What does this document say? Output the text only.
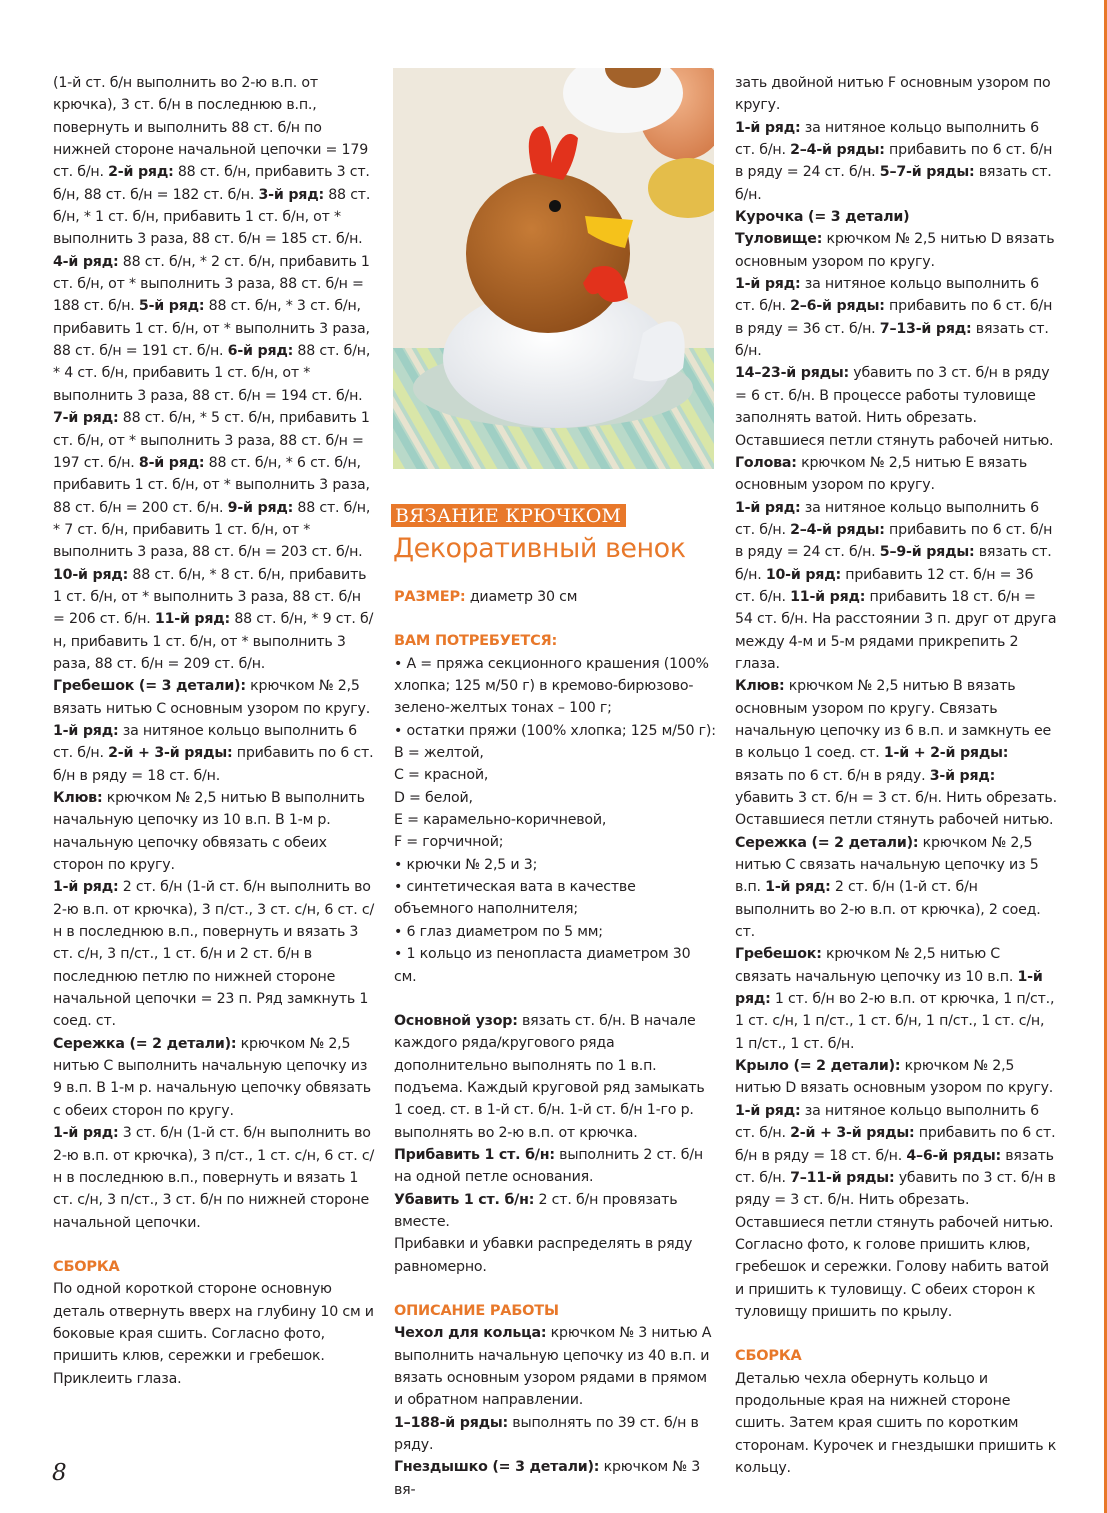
(1-й ст. б/н выполнить во 2-ю в.п. от крючка), 3 ст. б/н в последнюю в.п., повернуть и выполнить 88 ст. б/н по нижней стороне начальной цепочки = 179 ст. б/н. 2-й ряд: 88 ст. б/н, прибавить 3 ст. б/н, 88 ст. б/н = 182 ст. б/н. 3-й ряд: 88 ст. б/н, * 1 ст. б/н, прибавить 1 ст. б/н, от * выполнить 3 раза, 88 ст. б/н = 185 ст. б/н. 4-й ряд: 88 ст. б/н, * 2 ст. б/н, прибавить 1 ст. б/н, от * выполнить 3 раза, 88 ст. б/н = 188 ст. б/н. 5-й ряд: 88 ст. б/н, * 3 ст. б/н, прибавить 1 ст. б/н, от * выполнить 3 раза, 88 ст. б/н = 191 ст. б/н. 6-й ряд: 88 ст. б/н, * 4 ст. б/н, прибавить 1 ст. б/н, от * выполнить 3 раза, 88 ст. б/н = 194 ст. б/н. 7-й ряд: 88 ст. б/н, * 5 ст. б/н, прибавить 1 ст. б/н, от * выполнить 3 раза, 88 ст. б/н = 197 ст. б/н. 8-й ряд: 88 ст. б/н, * 6 ст. б/н, прибавить 1 ст. б/н, от * выполнить 3 раза, 88 ст. б/н = 200 ст. б/н. 9-й ряд: 88 ст. б/н, * 7 ст. б/н, прибавить 1 ст. б/н, от * выполнить 3 раза, 88 ст. б/н = 203 ст. б/н. 10-й ряд: 88 ст. б/н, * 8 ст. б/н, прибавить 1 ст. б/н, от * выполнить 3 раза, 88 ст. б/н = 206 ст. б/н. 11-й ряд: 88 ст. б/н, * 9 ст. б/н, прибавить 1 ст. б/н, от * выполнить 3 раза, 88 ст. б/н = 209 ст. б/н.

Гребешок (= 3 детали): крючком № 2,5 вязать нитью С основным узором по кругу. 1-й ряд: за нитяное кольцо выполнить 6 ст. б/н. 2-й + 3-й ряды: прибавить по 6 ст. б/н в ряду = 18 ст. б/н.

Клюв: крючком № 2,5 нитью В выполнить начальную цепочку из 10 в.п. В 1-м р. начальную цепочку обвязать с обеих сторон по кругу.

1-й ряд: 2 ст. б/н (1-й ст. б/н выполнить во 2-ю в.п. от крючка), 3 п/ст., 3 ст. с/н, 6 ст. с/н в последнюю в.п., повернуть и вязать 3 ст. с/н, 3 п/ст., 1 ст. б/н и 2 ст. б/н в последнюю петлю по нижней стороне начальной цепочки = 23 п. Ряд замкнуть 1 соед. ст.

Сережка (= 2 детали): крючком № 2,5 нитью С выполнить начальную цепочку из 9 в.п. В 1-м р. начальную цепочку обвязать с обеих сторон по кругу.

1-й ряд: 3 ст. б/н (1-й ст. б/н выполнить во 2-ю в.п. от крючка), 3 п/ст., 1 ст. с/н, 6 ст. с/н в последнюю в.п., повернуть и вязать 1 ст. с/н, 3 п/ст., 3 ст. б/н по нижней стороне начальной цепочки.

СБОРКА

По одной короткой стороне основную деталь отвернуть вверх на глубину 10 см и боковые края сшить. Согласно фото, пришить клюв, сережки и гребешок. Приклеить глаза.

ВЯЗАНИЕ КРЮЧКОМ
Декоративный венок

РАЗМЕР: диаметр 30 см

ВАМ ПОТРЕБУЕТСЯ:

• А = пряжа секционного крашения (100% хлопка; 125 м/50 г) в кремово-бирюзово-зелено-желтых тонах – 100 г;

• остатки пряжи (100% хлопка; 125 м/50 г):

B = желтой,

C = красной,

D = белой,

E = карамельно-коричневой,

F = горчичной;

• крючки № 2,5 и 3;

• синтетическая вата в качестве объемного наполнителя;

• 6 глаз диаметром по 5 мм;

• 1 кольцо из пенопласта диаметром 30 см.

Основной узор: вязать ст. б/н. В начале каждого ряда/кругового ряда дополнительно выполнять по 1 в.п. подъема. Каждый круговой ряд замыкать 1 соед. ст. в 1-й ст. б/н. 1-й ст. б/н 1-го р. выполнять во 2-ю в.п. от крючка.

Прибавить 1 ст. б/н: выполнить 2 ст. б/н на одной петле основания.

Убавить 1 ст. б/н: 2 ст. б/н провязать вместе.

Прибавки и убавки распределять в ряду равномерно.

ОПИСАНИЕ РАБОТЫ

Чехол для кольца: крючком № 3 нитью А выполнить начальную цепочку из 40 в.п. и вязать основным узором рядами в прямом и обратном направлении.

1–188-й ряды: выполнять по 39 ст. б/н в ряду.

Гнездышко (= 3 детали): крючком № 3 вя-

зать двойной нитью F основным узором по кругу.

1-й ряд: за нитяное кольцо выполнить 6 ст. б/н. 2–4-й ряды: прибавить по 6 ст. б/н в ряду = 24 ст. б/н. 5–7-й ряды: вязать ст. б/н.

Курочка (= 3 детали)

Туловище: крючком № 2,5 нитью D вязать основным узором по кругу.

1-й ряд: за нитяное кольцо выполнить 6 ст. б/н. 2–6-й ряды: прибавить по 6 ст. б/н в ряду = 36 ст. б/н. 7–13-й ряд: вязать ст. б/н.

14–23-й ряды: убавить по 3 ст. б/н в ряду = 6 ст. б/н. В процессе работы туловище заполнять ватой. Нить обрезать. Оставшиеся петли стянуть рабочей нитью.

Голова: крючком № 2,5 нитью Е вязать основным узором по кругу.

1-й ряд: за нитяное кольцо выполнить 6 ст. б/н. 2–4-й ряды: прибавить по 6 ст. б/н в ряду = 24 ст. б/н. 5–9-й ряды: вязать ст. б/н. 10-й ряд: прибавить 12 ст. б/н = 36 ст. б/н. 11-й ряд: прибавить 18 ст. б/н = 54 ст. б/н. На расстоянии 3 п. друг от друга между 4-м и 5-м рядами прикрепить 2 глаза.

Клюв: крючком № 2,5 нитью В вязать основным узором по кругу. Связать начальную цепочку из 6 в.п. и замкнуть ее в кольцо 1 соед. ст. 1-й + 2-й ряды: вязать по 6 ст. б/н в ряду. 3-й ряд: убавить 3 ст. б/н = 3 ст. б/н. Нить обрезать. Оставшиеся петли стянуть рабочей нитью.

Сережка (= 2 детали): крючком № 2,5 нитью С связать начальную цепочку из 5 в.п. 1-й ряд: 2 ст. б/н (1-й ст. б/н выполнить во 2-ю в.п. от крючка), 2 соед. ст.

Гребешок: крючком № 2,5 нитью С связать начальную цепочку из 10 в.п. 1-й ряд: 1 ст. б/н во 2-ю в.п. от крючка, 1 п/ст., 1 ст. с/н, 1 п/ст., 1 ст. б/н, 1 п/ст., 1 ст. с/н, 1 п/ст., 1 ст. б/н.

Крыло (= 2 детали): крючком № 2,5 нитью D вязать основным узором по кругу.

1-й ряд: за нитяное кольцо выполнить 6 ст. б/н. 2-й + 3-й ряды: прибавить по 6 ст. б/н в ряду = 18 ст. б/н. 4–6-й ряды: вязать ст. б/н. 7–11-й ряды: убавить по 3 ст. б/н в ряду = 3 ст. б/н. Нить обрезать. Оставшиеся петли стянуть рабочей нитью. Согласно фото, к голове пришить клюв, гребешок и сережки. Голову набить ватой и пришить к туловищу. С обеих сторон к туловищу пришить по крылу.

СБОРКА

Деталью чехла обернуть кольцо и продольные края на нижней стороне сшить. Затем края сшить по коротким сторонам. Курочек и гнездышки пришить к кольцу.

8
